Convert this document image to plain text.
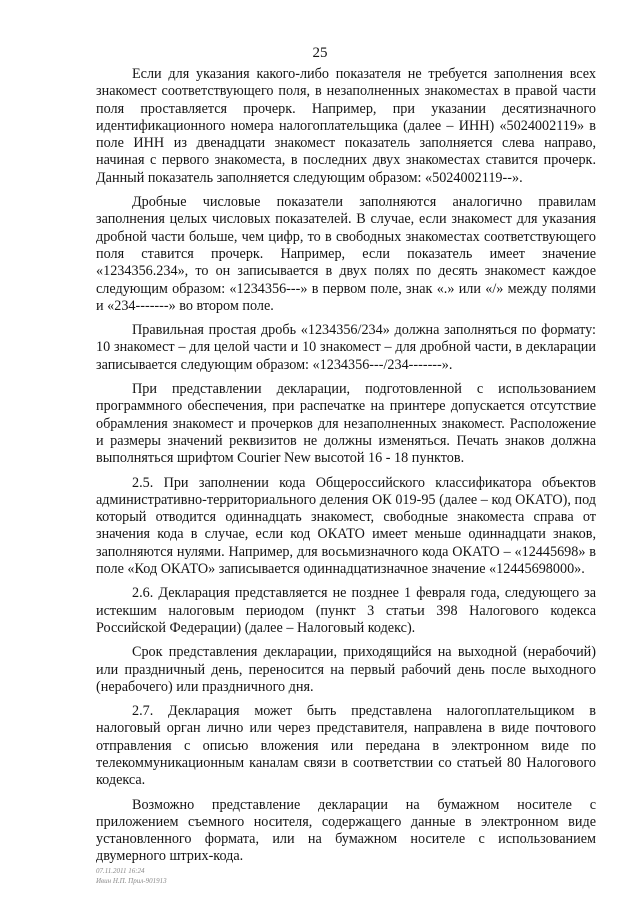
25

Если для указания какого-либо показателя не требуется заполнения всех знакомест соответствующего поля, в незаполненных знакоместах в правой части поля проставляется прочерк. Например, при указании десятизначного идентификационного номера налогоплательщика (далее – ИНН) «5024002119» в поле ИНН из двенадцати знакомест показатель заполняется слева направо, начиная с первого знакоместа, в последних двух знакоместах ставится прочерк. Данный показатель заполняется следующим образом: «5024002119--».

Дробные числовые показатели заполняются аналогично правилам заполнения целых числовых показателей. В случае, если знакомест для указания дробной части больше, чем цифр, то в свободных знакоместах соответствующего поля ставится прочерк. Например, если показатель имеет значение «1234356.234», то он записывается в двух полях по десять знакомест каждое следующим образом: «1234356---» в первом поле, знак «.» или «/» между полями и «234-------» во втором поле.

Правильная простая дробь «1234356/234» должна заполняться по формату: 10 знакомест – для целой части и 10 знакомест – для дробной части, в декларации записывается следующим образом: «1234356---/234-------».

При представлении декларации, подготовленной с использованием программного обеспечения, при распечатке на принтере допускается отсутствие обрамления знакомест и прочерков для незаполненных знакомест. Расположение и размеры значений реквизитов не должны изменяться. Печать знаков должна выполняться шрифтом Courier New высотой 16 - 18 пунктов.

2.5. При заполнении кода Общероссийского классификатора объектов административно-территориального деления ОК 019-95 (далее – код ОКАТО), под который отводится одиннадцать знакомест, свободные знакоместа справа от значения кода в случае, если код ОКАТО имеет меньше одиннадцати знаков, заполняются нулями. Например, для восьмизначного кода ОКАТО – «12445698» в поле «Код ОКАТО» записывается одиннадцатизначное значение «12445698000».

2.6. Декларация представляется не позднее 1 февраля года, следующего за истекшим налоговым периодом (пункт 3 статьи 398 Налогового кодекса Российской Федерации) (далее – Налоговый кодекс).

Срок представления декларации, приходящийся на выходной (нерабочий) или праздничный день, переносится на первый рабочий день после выходного (нерабочего) или праздничного дня.

2.7. Декларация может быть представлена налогоплательщиком в налоговый орган лично или через представителя, направлена в виде почтового отправления с описью вложения или передана в электронном виде по телекоммуникационным каналам связи в соответствии со статьей 80 Налогового кодекса.

Возможно представление декларации на бумажном носителе с приложением съемного носителя, содержащего данные в электронном виде установленного формата, или на бумажном носителе с использованием двумерного штрих-кода.

07.11.2011 16:24
Ивин Н.П. Прил-901913
